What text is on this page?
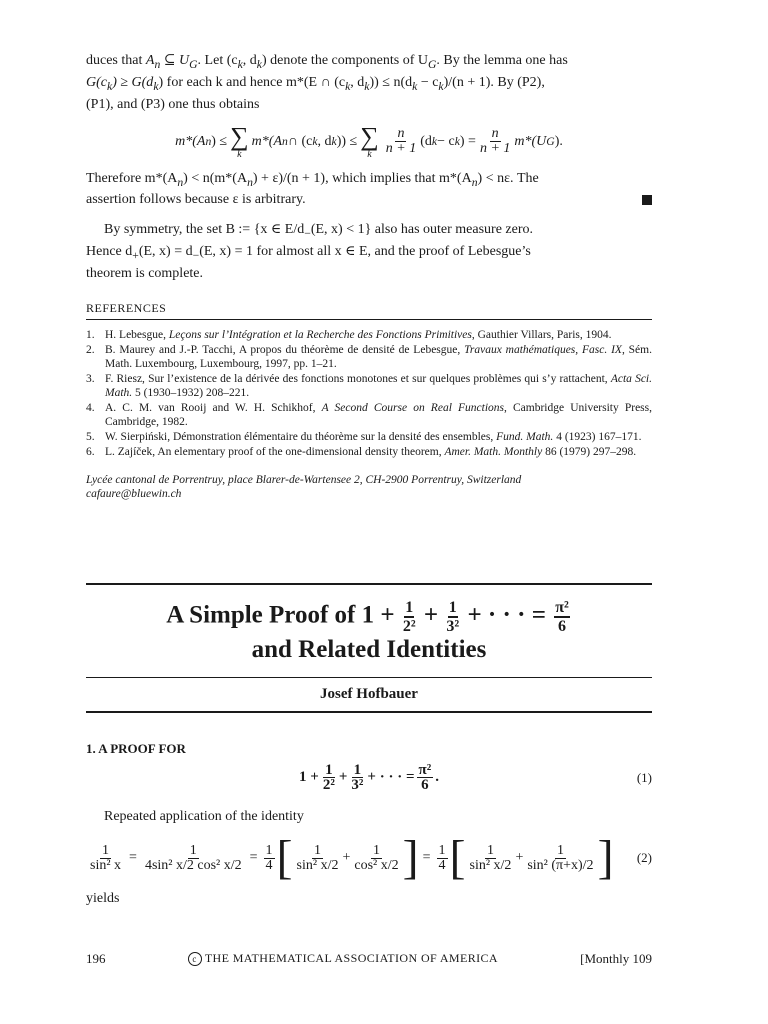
duces that $A_n$ ⊆ $U_G$. Let ($c_k$, $d_k$) denote the components of $U_G$. By the lemma one has
$G(c_k) \ge G(d_k)$ for each k and hence m*(E ∩ ($c_k$, $d_k)) \le n(d_k - c_k)/(n + 1)$. By (P2),
(P1), and (P3) one thus obtains

m*(A n ) ≤ ∑
k
m*(A n ∩ (c k , d k )) ≤ ∑
k $\frac{n}{n + 1} (d$ k − c k ) = $\frac{n}{n + 1} m*(U$ G ).

Therefore $m*(A_n) < n(m*(A_n) + \varepsilon)/(n + 1)$, which implies that $m*(A_n) < n\varepsilon$. The
assertion follows because ε is arbitrary.

By symmetry, the set B := {x ∈ $E/d_-(E$, x) < 1} also has outer measure zero.
Hence $d_+(E$, $x) = d_-(E$, x) = 1 for almost all x ∈ E, and the proof of Lebesgue’s
theorem is complete.

REFERENCES
1. H. Lebesgue, Leçons sur l’Intégration et la Recherche des Fonctions Primitives, Gauthier Villars, Paris, 1904.
2. B. Maurey and J.-P. Tacchi, A propos du théorème de densité de Lebesgue, Travaux mathématiques, Fasc. IX, Sém. Math. Luxembourg, Luxembourg, 1997, pp. 1–21.
3. F. Riesz, Sur l’existence de la dérivée des fonctions monotones et sur quelques problèmes qui s’y rattachent, Acta Sci. Math. 5 (1930–1932) 208–221.
4. A. C. M. van Rooij and W. H. Schikhof, A Second Course on Real Functions, Cambridge University Press, Cambridge, 1982.
5. W. Sierpiński, Démonstration élémentaire du théorème sur la densité des ensembles, Fund. Math. 4 (1923) 167–171.
6. L. Zajíček, An elementary proof of the one-dimensional density theorem, Amer. Math. Monthly 86 (1979) 297–298.
Lycée cantonal de Porrentruy, place Blarer-de-Wartensee 2, CH-2900 Porrentruy, Switzerland
cafaure@bluewin.ch
A Simple Proof of $1 + \frac{1}{\text{2²}} + \frac{1}{\text{3²}}$ + · · · = $\frac{\text{π²}}{6}$

and Related Identities
Josef Hofbauer
1. A PROOF FOR
$1 + \frac{1}{\text{2²}} + \frac{1}{\text{3²}}$ + · · · = $\frac{\text{π²}}{6}$ .	(1)

Repeated application of the identity

$\frac{1}{\text{sin² x}} = \frac{1}{\text{4sin² x/2 cos² x/2}} = \frac{1}{4}$ [ $\frac{1}{\text{sin² x/2}} + \frac{1}{\text{cos² x/2}}$ ] = $\frac{1}{4}$ [ $\frac{1}{\text{sin² x/2}} + \frac{1}{\text{sin² (π+x)/2}}$ ] (2)

yields

196	c THE MATHEMATICAL ASSOCIATION OF AMERICA	[Monthly 109
